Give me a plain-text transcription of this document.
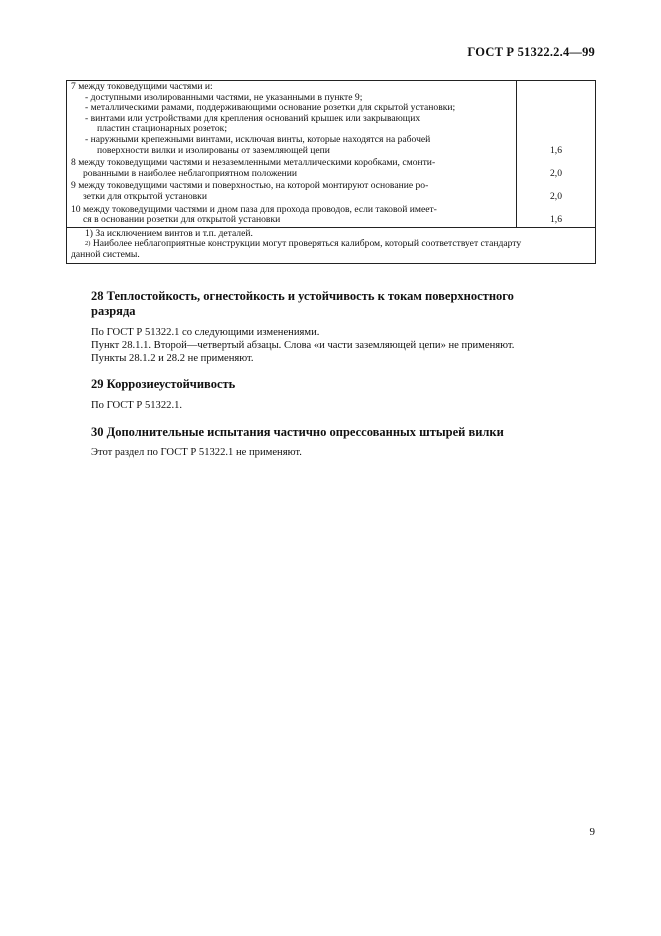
ГОСТ Р 51322.2.4—99
7 между токоведущими частями и:
- доступными изолированными частями, не указанными в пункте 9;
- металлическими рамами, поддерживающими основание розетки для скрытой установки;
- винтами или устройствами для крепления оснований крышек или закрывающих
пластин стационарных розеток;
- наружными крепежными винтами, исключая винты, которые находятся на рабочей
поверхности вилки и изолированы от заземляющей цепи	1,6
8 между токоведущими частями и незаземленными металлическими коробками, смонти-
рованными в наиболее неблагоприятном положении	2,0
9 между токоведущими частями и поверхностью, на которой монтируют основание ро-
зетки для открытой установки	2,0
10 между токоведущими частями и дном паза для прохода проводов, если таковой имеет-
ся в основании розетки для открытой установки	1,6
1) За исключением винтов и т.п. деталей.
$^{2)}$ Наиболее неблагоприятные конструкции могут проверяться калибром, который соответствует стандарту
данной системы.
28 Теплостойкость, огнестойкость и устойчивость к токам поверхностного
разряда
По ГОСТ Р 51322.1 со следующими изменениями.
Пункт 28.1.1. Второй—четвертый абзацы. Слова «и части заземляющей цепи» не применяют.
Пункты 28.1.2 и 28.2 не применяют.
29 Коррозиеустойчивость
По ГОСТ Р 51322.1.
30 Дополнительные испытания частично опрессованных штырей вилки
Этот раздел по ГОСТ Р 51322.1 не применяют.
9
